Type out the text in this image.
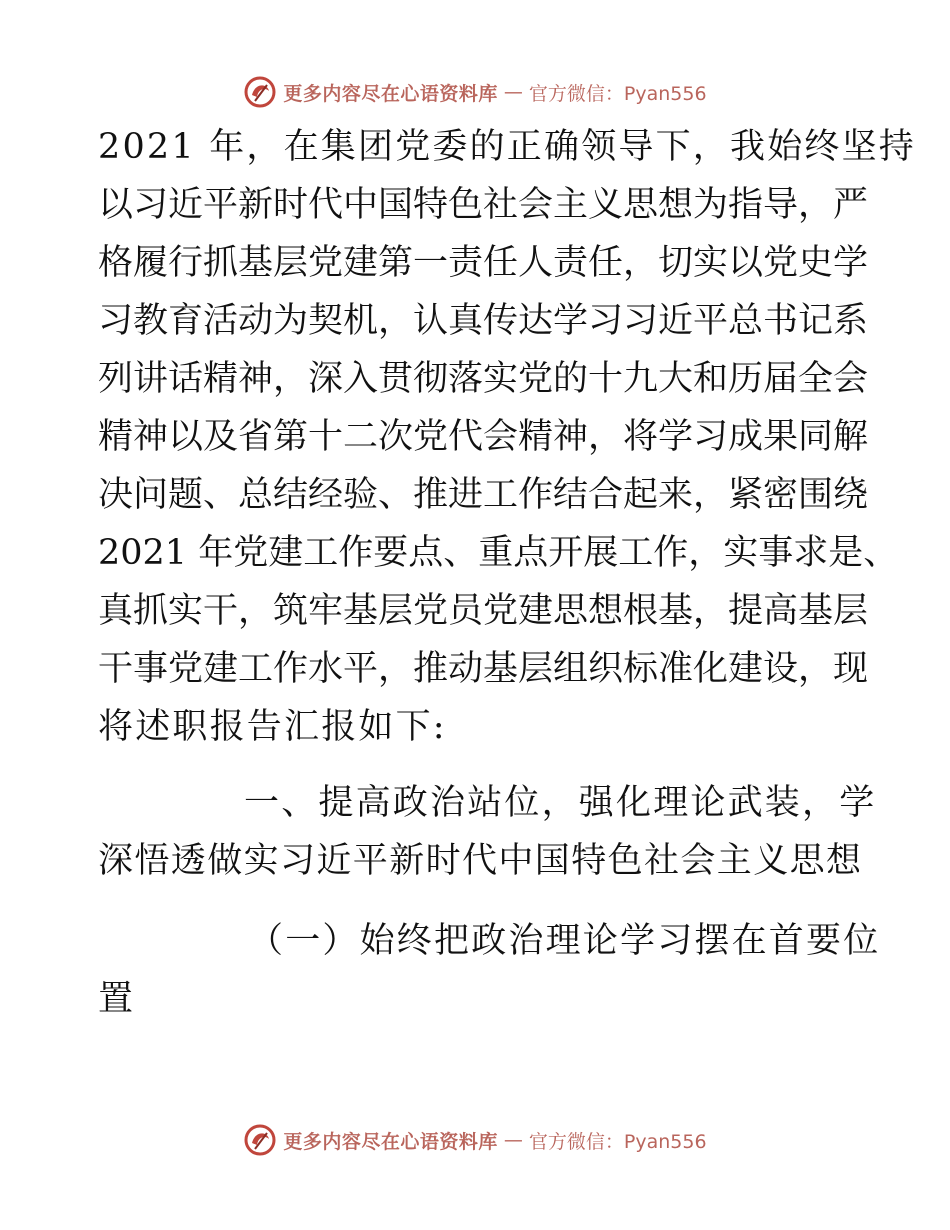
更多内容尽在心语资料库 — 官方微信：Pyan556
2021 年，在集团党委的正确领导下，我始终坚持
以习近平新时代中国特色社会主义思想为指导，严
格履行抓基层党建第一责任人责任，切实以党史学
习教育活动为契机，认真传达学习习近平总书记系
列讲话精神，深入贯彻落实党的十九大和历届全会
精神以及省第十二次党代会精神，将学习成果同解
决问题、总结经验、推进工作结合起来，紧密围绕
2021 年党建工作要点、重点开展工作，实事求是、
真抓实干，筑牢基层党员党建思想根基，提高基层
干事党建工作水平，推动基层组织标准化建设，现
将述职报告汇报如下:
一、提高政治站位，强化理论武装，学
深悟透做实习近平新时代中国特色社会主义思想
（一）始终把政治理论学习摆在首要位
置
更多内容尽在心语资料库 — 官方微信：Pyan556
